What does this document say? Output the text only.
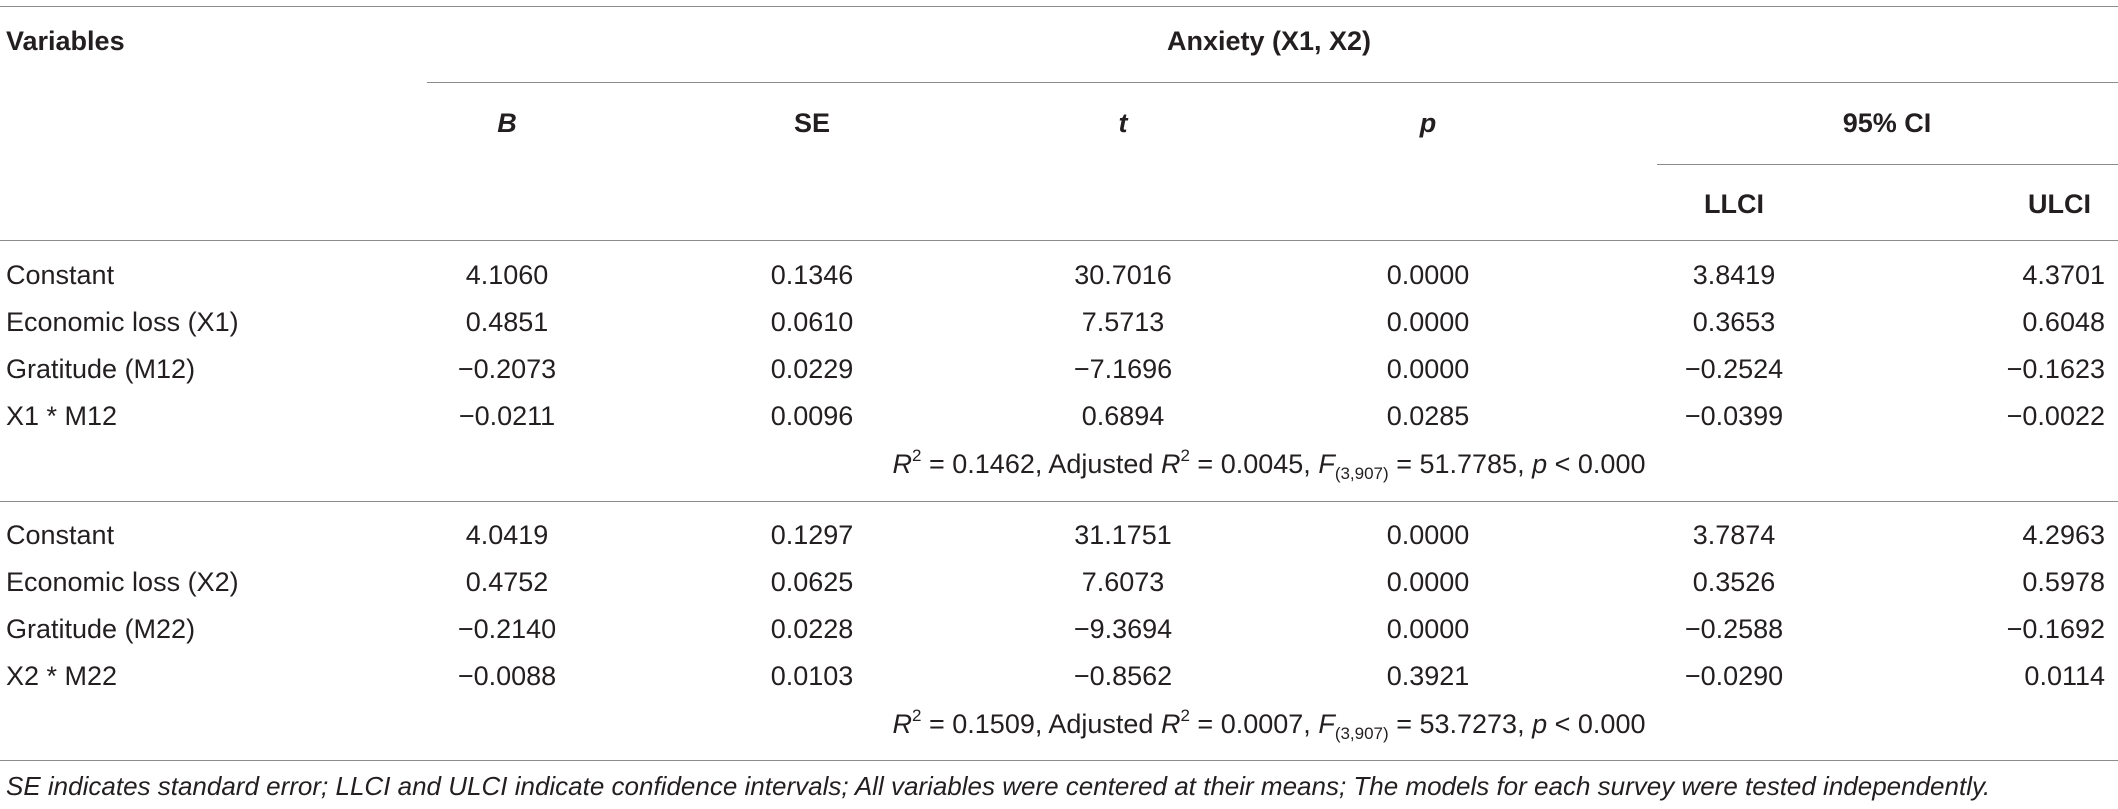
Variables	Anxiety (X1, X2)
B	SE	t	p	95% CI
LLCI	ULCI
Constant	4.1060	0.1346	30.7016	0.0000	3.8419	4.3701
Economic loss (X1)	0.4851	0.0610	7.5713	0.0000	0.3653	0.6048
Gratitude (M12)	−0.2073	0.0229	−7.1696	0.0000	−0.2524	−0.1623
X1 * M12	−0.0211	0.0096	0.6894	0.0285	−0.0399	−0.0022
$R^2 = 0.1462$, Adjusted $R^2 = 0.0045$, $F_{(3,907)} = 51.7785$, p < 0.000
Constant	4.0419	0.1297	31.1751	0.0000	3.7874	4.2963
Economic loss (X2)	0.4752	0.0625	7.6073	0.0000	0.3526	0.5978
Gratitude (M22)	−0.2140	0.0228	−9.3694	0.0000	−0.2588	−0.1692
X2 * M22	−0.0088	0.0103	−0.8562	0.3921	−0.0290	0.0114
$R^2 = 0.1509$, Adjusted $R^2 = 0.0007$, $F_{(3,907)} = 53.7273$, p < 0.000
SE indicates standard error; LLCI and ULCI indicate confidence intervals; All variables were centered at their means; The models for each survey were tested independently.
